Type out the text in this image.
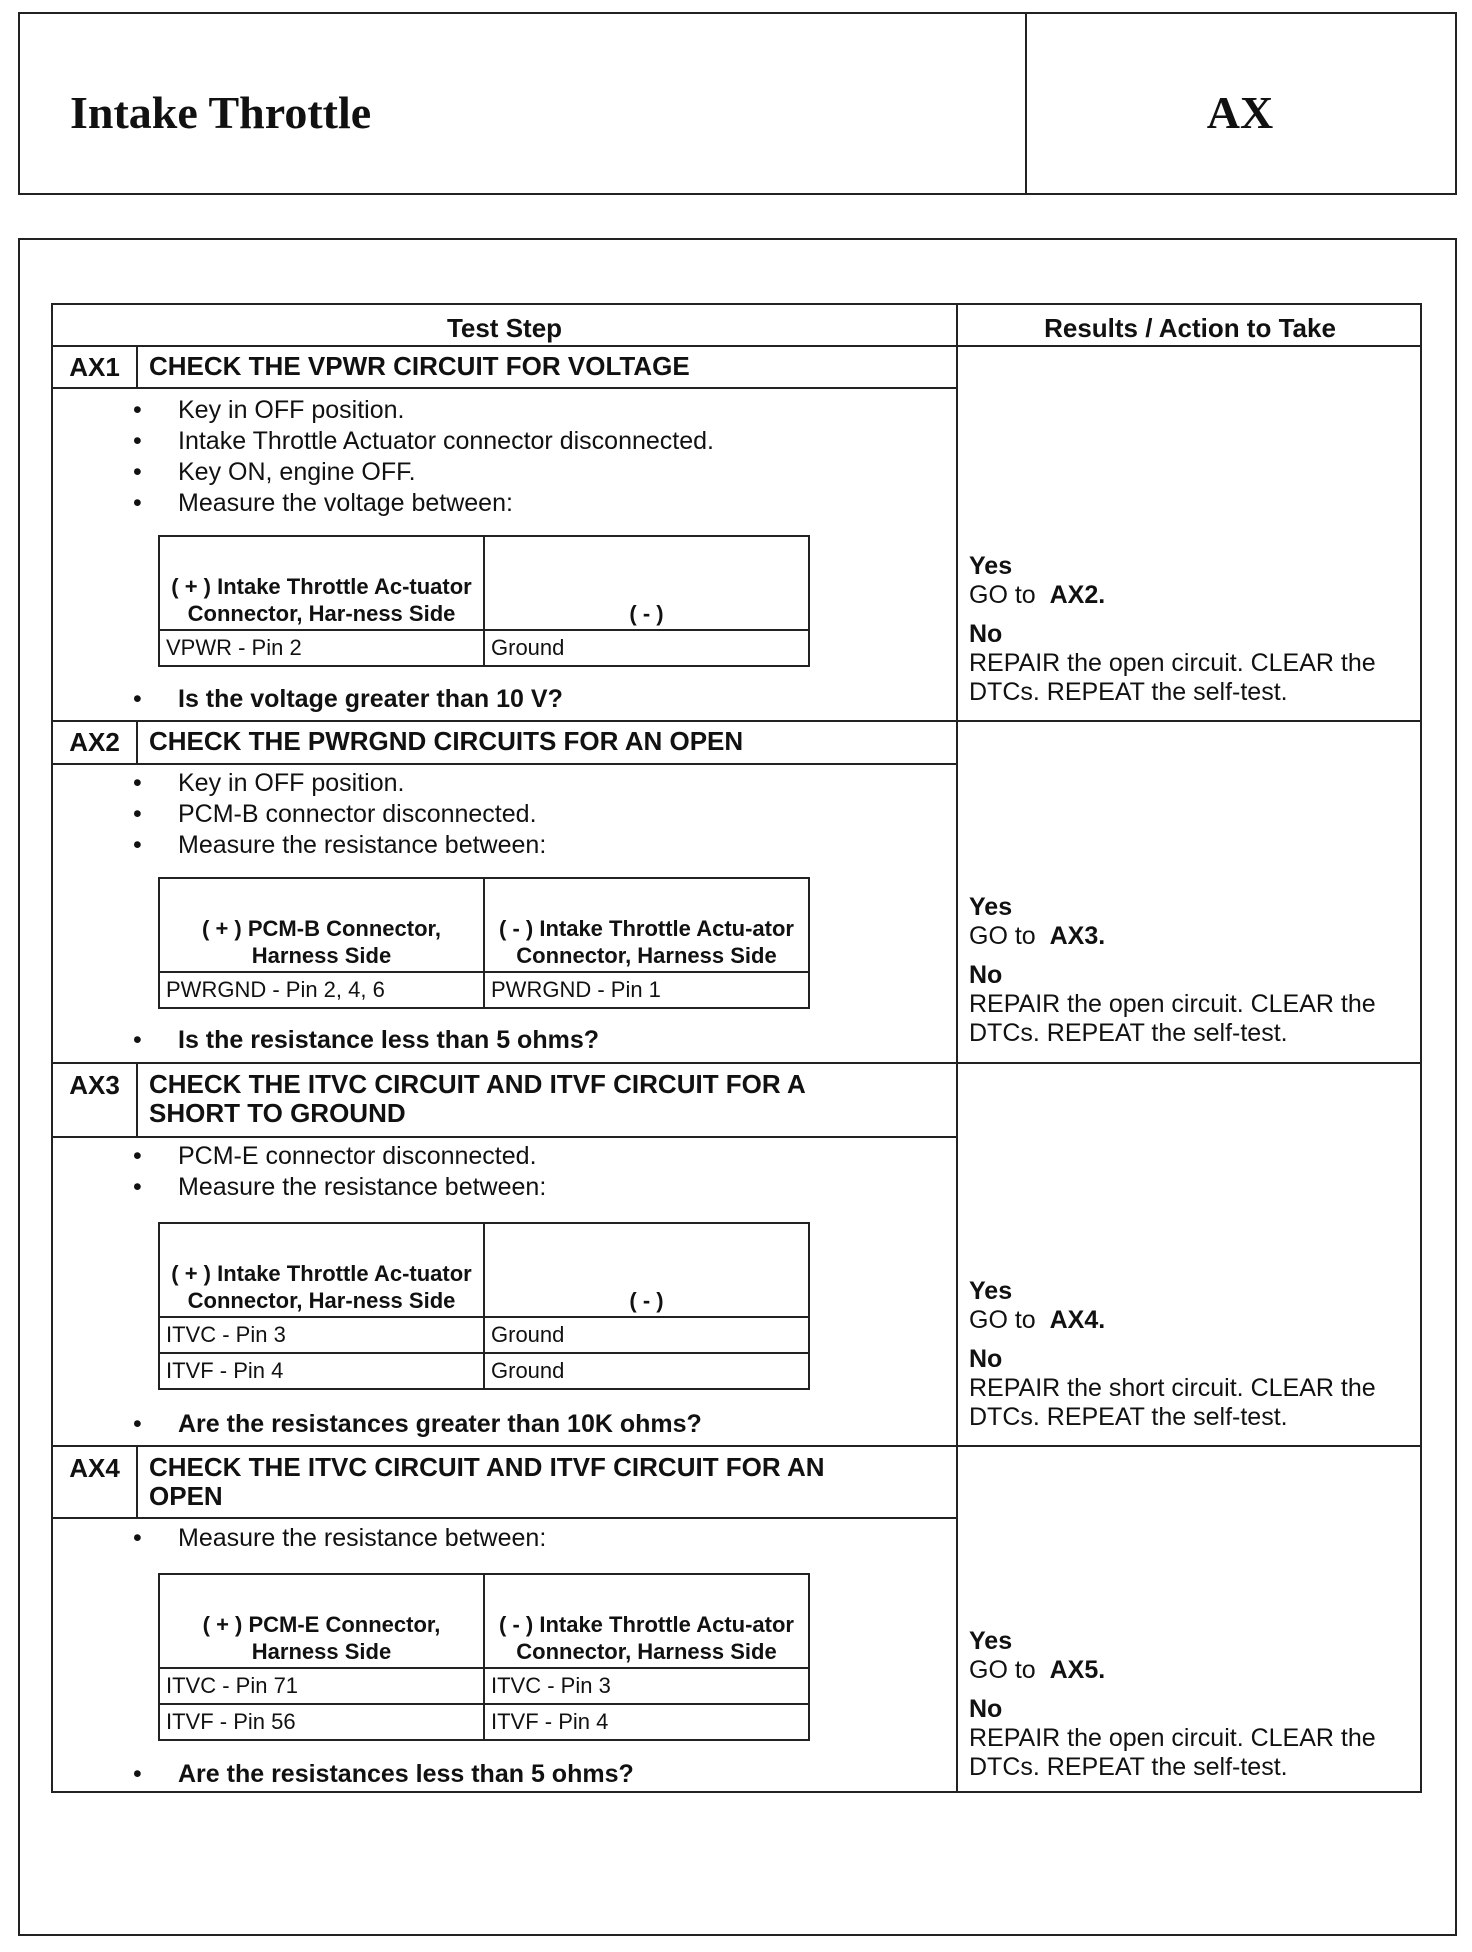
Intake Throttle	AX
Test Step	Results / Action to Take
AX1	CHECK THE VPWR CIRCUIT FOR VOLTAGE
• Key in OFF position.
• Intake Throttle Actuator connector disconnected.
• Key ON, engine OFF.
• Measure the voltage between:
( + ) Intake Throttle Ac-tuator Connector, Har-ness Side	( - )
VPWR - Pin 2	Ground
• Is the voltage greater than 10 V?
Yes
GO to AX2.
No
REPAIR the open circuit. CLEAR the DTCs. REPEAT the self-test.
AX2	CHECK THE PWRGND CIRCUITS FOR AN OPEN
• Key in OFF position.
• PCM-B connector disconnected.
• Measure the resistance between:
( + ) PCM-B Connector, Harness Side	( - ) Intake Throttle Actu-ator Connector, Harness Side
PWRGND - Pin 2, 4, 6	PWRGND - Pin 1
• Is the resistance less than 5 ohms?
Yes
GO to AX3.
No
REPAIR the open circuit. CLEAR the DTCs. REPEAT the self-test.
AX3	CHECK THE ITVC CIRCUIT AND ITVF CIRCUIT FOR A SHORT TO GROUND
• PCM-E connector disconnected.
• Measure the resistance between:
( + ) Intake Throttle Ac-tuator Connector, Har-ness Side	( - )
ITVC - Pin 3	Ground
ITVF - Pin 4	Ground
• Are the resistances greater than 10K ohms?
Yes
GO to AX4.
No
REPAIR the short circuit. CLEAR the DTCs. REPEAT the self-test.
AX4	CHECK THE ITVC CIRCUIT AND ITVF CIRCUIT FOR AN OPEN
• Measure the resistance between:
( + ) PCM-E Connector, Harness Side	( - ) Intake Throttle Actu-ator Connector, Harness Side
ITVC - Pin 71	ITVC - Pin 3
ITVF - Pin 56	ITVF - Pin 4
• Are the resistances less than 5 ohms?
Yes
GO to AX5.
No
REPAIR the open circuit. CLEAR the DTCs. REPEAT the self-test.
